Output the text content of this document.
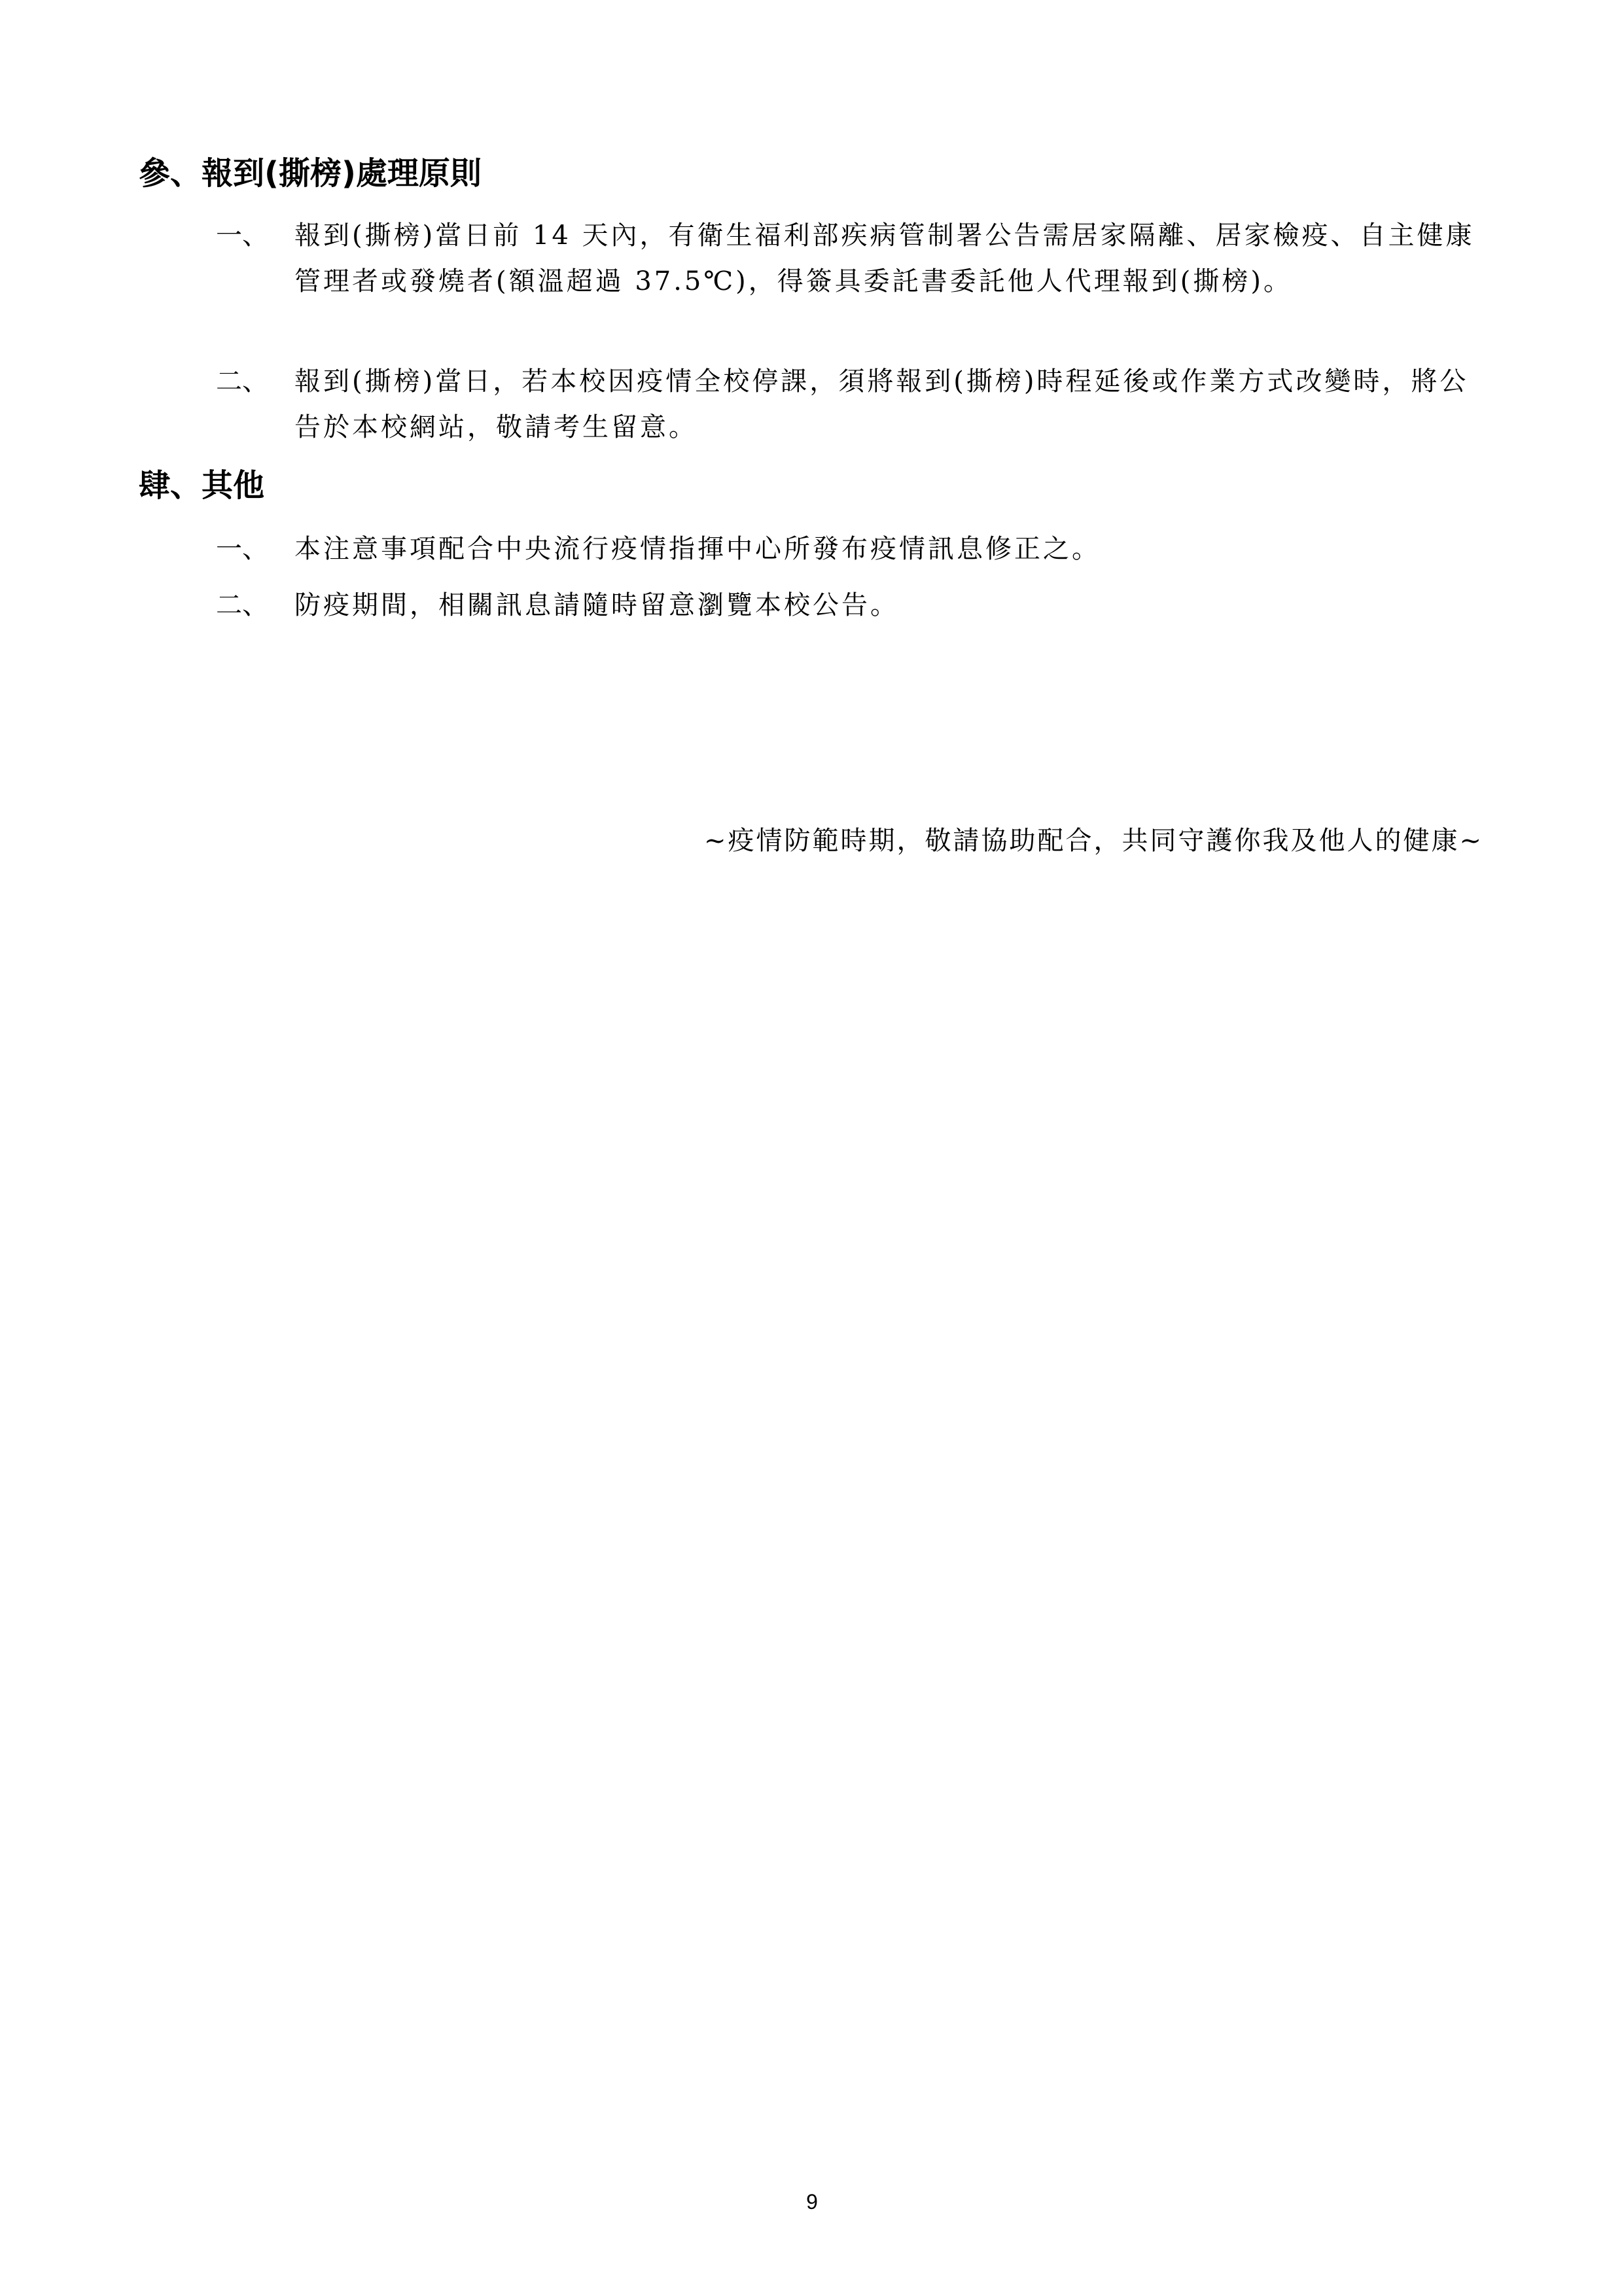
參、報到(撕榜)處理原則
一、 報到(撕榜)當日前 14 天內，有衛生福利部疾病管制署公告需居家隔離、居家檢疫、自主健康管理者或發燒者(額溫超過 37.5℃)，得簽具委託書委託他人代理報到(撕榜)。
二、 報到(撕榜)當日，若本校因疫情全校停課，須將報到(撕榜)時程延後或作業方式改變時，將公告於本校網站，敬請考生留意。
肆、其他
一、 本注意事項配合中央流行疫情指揮中心所發布疫情訊息修正之。
二、 防疫期間，相關訊息請隨時留意瀏覽本校公告。
~疫情防範時期，敬請協助配合，共同守護你我及他人的健康~
9
